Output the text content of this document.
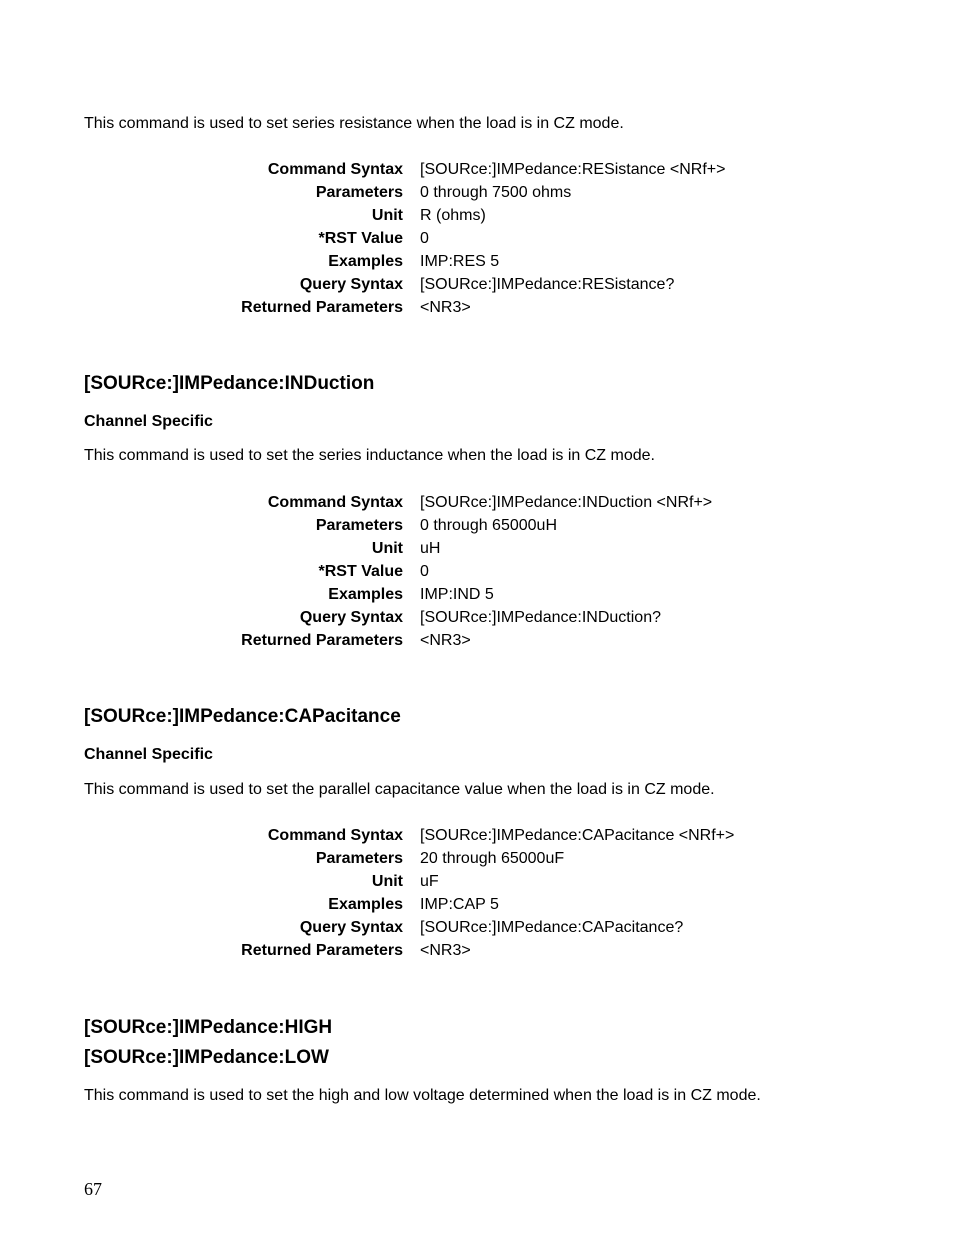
This command is used to set series resistance when the load is in CZ mode.

Command Syntax [SOURce:]IMPedance:RESistance <NRf+>
Parameters 0 through 7500 ohms
Unit R (ohms)
*RST Value 0
Examples IMP:RES 5
Query Syntax [SOURce:]IMPedance:RESistance?
Returned Parameters <NR3>
[SOURce:]IMPedance:INDuction
Channel Specific

This command is used to set the series inductance when the load is in CZ mode.

Command Syntax [SOURce:]IMPedance:INDuction <NRf+>
Parameters 0 through 65000uH
Unit uH
*RST Value 0
Examples IMP:IND 5
Query Syntax [SOURce:]IMPedance:INDuction?
Returned Parameters <NR3>
[SOURce:]IMPedance:CAPacitance
Channel Specific

This command is used to set the parallel capacitance value when the load is in CZ mode.

Command Syntax [SOURce:]IMPedance:CAPacitance <NRf+>
Parameters 20 through 65000uF
Unit uF
Examples IMP:CAP 5
Query Syntax [SOURce:]IMPedance:CAPacitance?
Returned Parameters <NR3>
[SOURce:]IMPedance:HIGH
[SOURce:]IMPedance:LOW

This command is used to set the high and low voltage determined when the load is in CZ mode.

67
